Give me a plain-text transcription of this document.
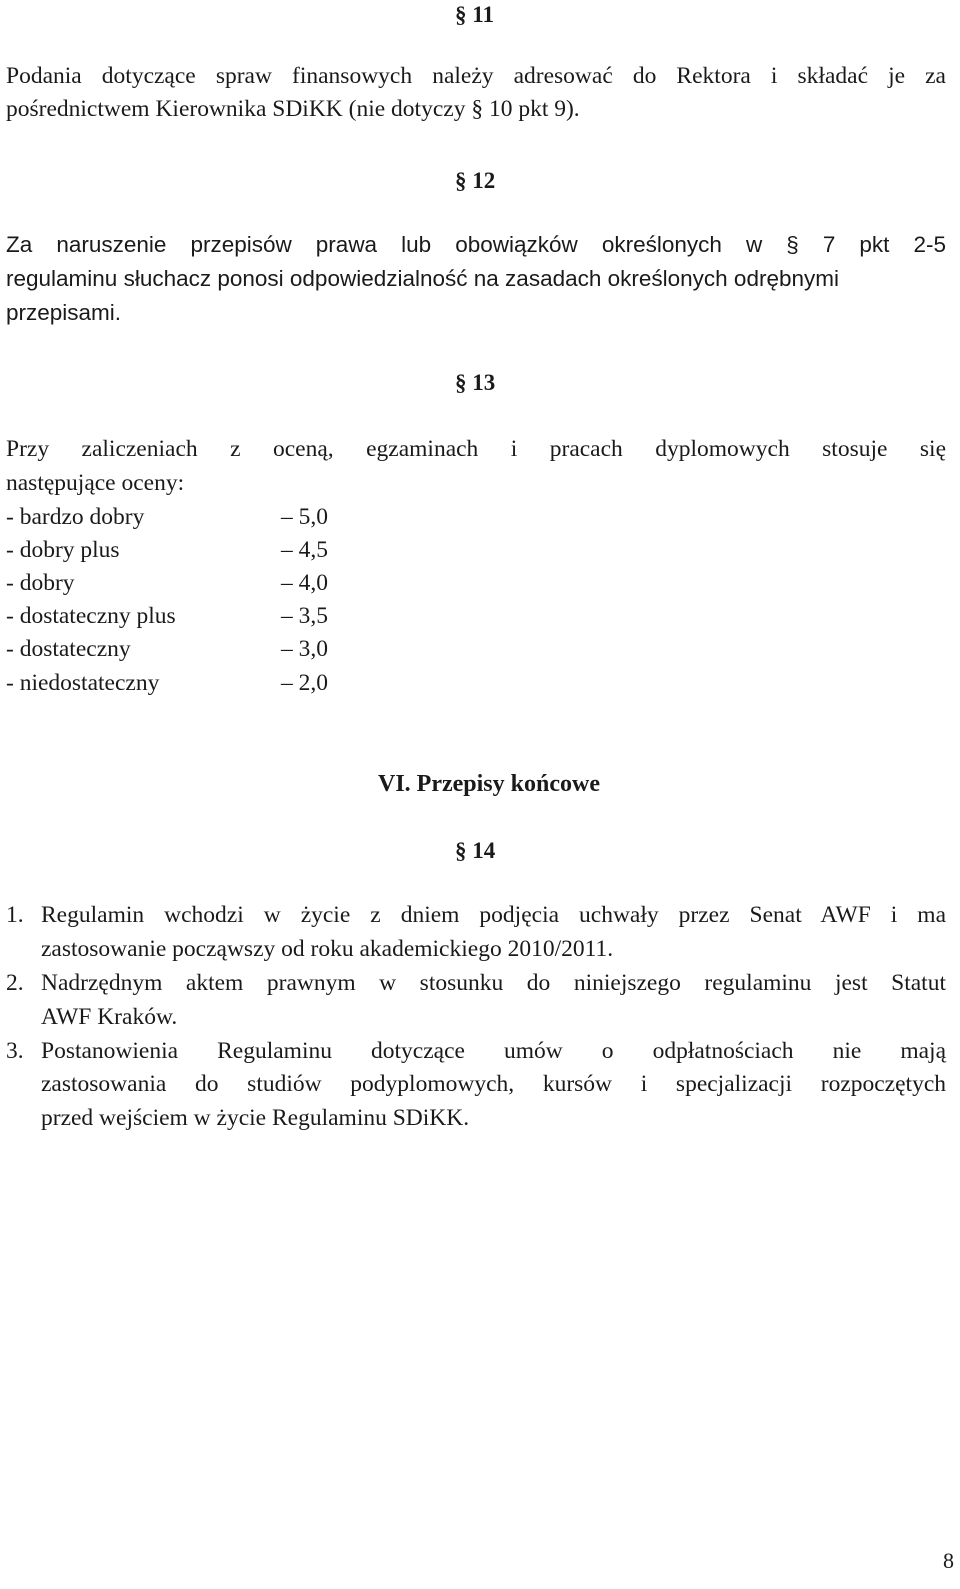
§ 11
Podania dotyczące spraw finansowych należy adresować do Rektora i składać je za
pośrednictwem Kierownika SDiKK (nie dotyczy § 10 pkt 9).
§ 12
Za naruszenie przepisów prawa lub obowiązków określonych w § 7 pkt 2-5
regulaminu słuchacz ponosi odpowiedzialność na zasadach określonych odrębnymi
przepisami.
§ 13
Przy zaliczeniach z oceną, egzaminach i pracach dyplomowych stosuje się
następujące oceny:
- bardzo dobry	– 5,0
- dobry plus	– 4,5
- dobry	– 4,0
- dostateczny plus	– 3,5
- dostateczny	– 3,0
- niedostateczny	– 2,0
VI. Przepisy końcowe
§ 14
1. Regulamin wchodzi w życie z dniem podjęcia uchwały przez Senat AWF i ma
zastosowanie począwszy od roku akademickiego 2010/2011.
2. Nadrzędnym aktem prawnym w stosunku do niniejszego regulaminu jest Statut
AWF Kraków.
3. Postanowienia Regulaminu dotyczące umów o odpłatnościach nie mają
zastosowania do studiów podyplomowych, kursów i specjalizacji rozpoczętych
przed wejściem w życie Regulaminu SDiKK.
8
